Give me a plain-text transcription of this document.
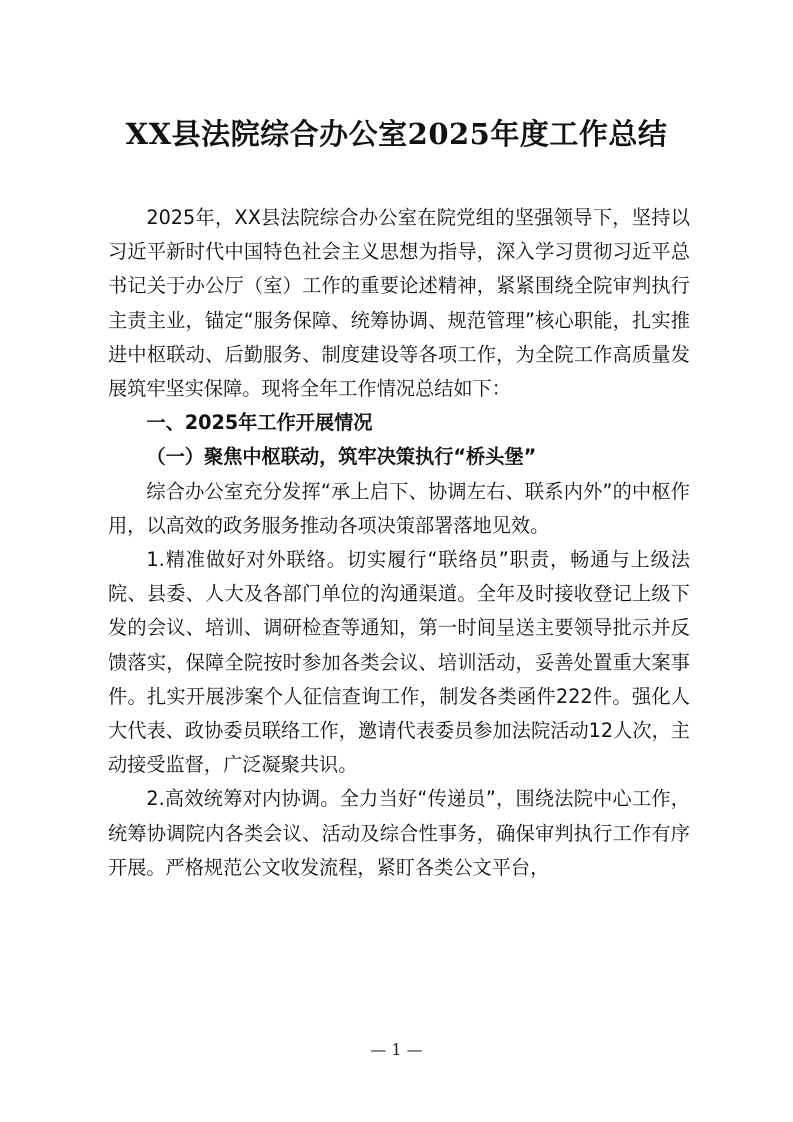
XX县法院综合办公室2025年度工作总结

2025年，XX县法院综合办公室在院党组的坚强领导下，坚持以习近平新时代中国特色社会主义思想为指导，深入学习贯彻习近平总书记关于办公厅（室）工作的重要论述精神，紧紧围绕全院审判执行主责主业，锚定“服务保障、统筹协调、规范管理”核心职能，扎实推进中枢联动、后勤服务、制度建设等各项工作，为全院工作高质量发展筑牢坚实保障。现将全年工作情况总结如下：

一、2025年工作开展情况

（一）聚焦中枢联动，筑牢决策执行“桥头堡”

综合办公室充分发挥“承上启下、协调左右、联系内外”的中枢作用，以高效的政务服务推动各项决策部署落地见效。

1.精准做好对外联络。切实履行“联络员”职责，畅通与上级法院、县委、人大及各部门单位的沟通渠道。全年及时接收登记上级下发的会议、培训、调研检查等通知，第一时间呈送主要领导批示并反馈落实，保障全院按时参加各类会议、培训活动，妥善处置重大案事件。扎实开展涉案个人征信查询工作，制发各类函件222件。强化人大代表、政协委员联络工作，邀请代表委员参加法院活动12人次，主动接受监督，广泛凝聚共识。

2.高效统筹对内协调。全力当好“传递员”，围绕法院中心工作，统筹协调院内各类会议、活动及综合性事务，确保审判执行工作有序开展。严格规范公文收发流程，紧盯各类公文平台，

— 1 —
